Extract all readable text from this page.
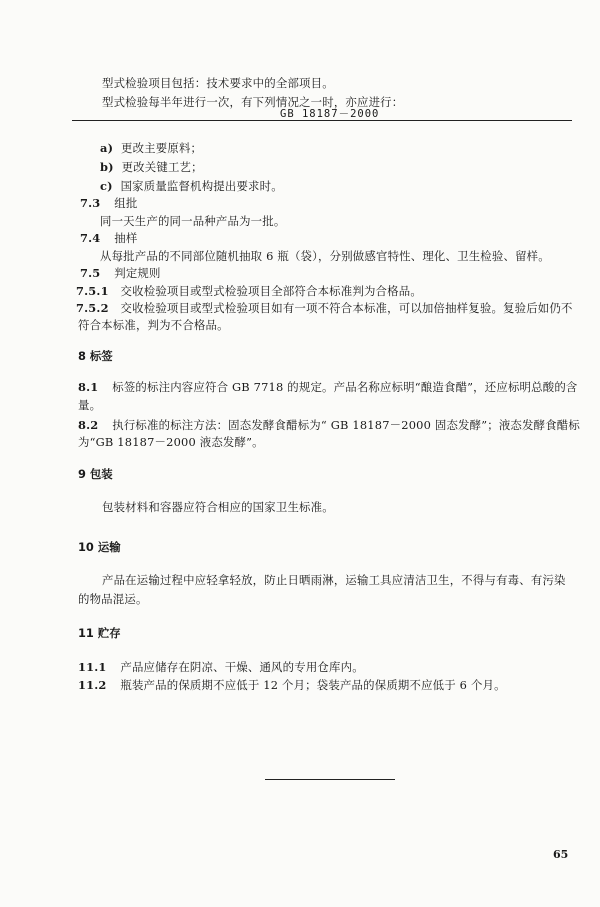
型式检验项目包括：技术要求中的全部项目。
型式检验每半年进行一次，有下列情况之一时，亦应进行：
GB 18187－2000
a) 更改主要原料；
b) 更改关键工艺；
c) 国家质量监督机构提出要求时。
7.3 组批
同一天生产的同一品种产品为一批。
7.4 抽样
从每批产品的不同部位随机抽取 6 瓶（袋），分别做感官特性、理化、卫生检验、留样。
7.5 判定规则
7.5.1 交收检验项目或型式检验项目全部符合本标准判为合格品。
7.5.2 交收检验项目或型式检验项目如有一项不符合本标准，可以加倍抽样复验。复验后如仍不
符合本标准，判为不合格品。
8 标签
8.1 标签的标注内容应符合 GB 7718 的规定。产品名称应标明“酿造食醋”，还应标明总酸的含
量。
8.2 执行标准的标注方法：固态发酵食醋标为“ GB 18187－2000 固态发酵”；液态发酵食醋标
为“GB 18187－2000 液态发酵”。
9 包装
包装材料和容器应符合相应的国家卫生标准。
10 运输
产品在运输过程中应轻拿轻放，防止日晒雨淋，运输工具应清洁卫生，不得与有毒、有污染
的物品混运。
11 贮存
11.1 产品应储存在阴凉、干燥、通风的专用仓库内。
11.2 瓶装产品的保质期不应低于 12 个月；袋装产品的保质期不应低于 6 个月。
65
